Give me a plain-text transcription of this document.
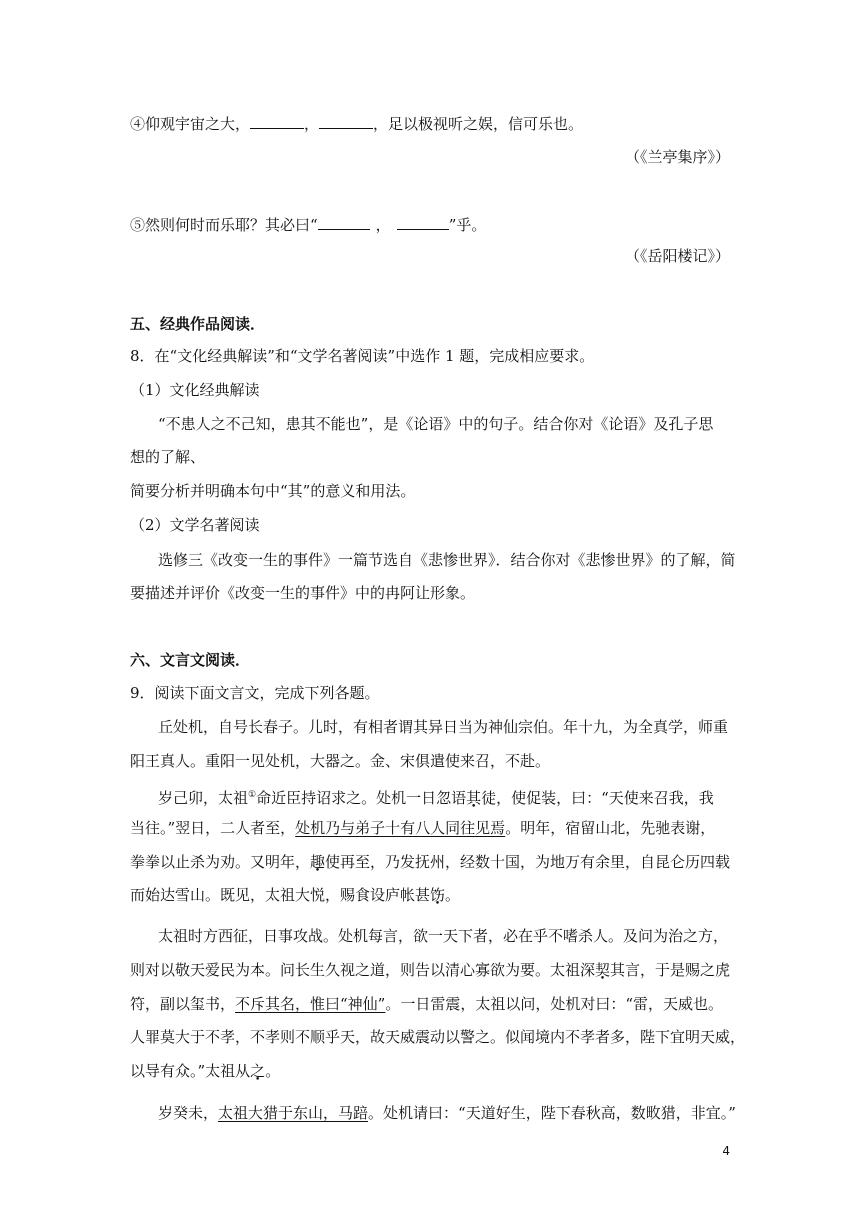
④仰观宇宙之大，	，	，足以极视听之娱，信可乐也。
（《兰亭集序》）
⑤然则何时而乐耶？其必曰“	，	”乎。
（《岳阳楼记》）
五、经典作品阅读．
8．在“文化经典解读”和“文学名著阅读”中选作 1 题，完成相应要求。
（1）文化经典解读
“不患人之不己知，患其不能也”，是《论语》中的句子。结合你对《论语》及孔子思
想的了解、
简要分析并明确本句中“其”的意义和用法。
（2）文学名著阅读
选修三《改变一生的事件》一篇节选自《悲惨世界》．结合你对《悲惨世界》的了解，简
要描述并评价《改变一生的事件》中的冉阿让形象。
六、文言文阅读．
9．阅读下面文言文，完成下列各题。
丘处机，自号长春子。儿时，有相者谓其异日当为神仙宗伯。年十九，为全真学，师重
阳王真人。重阳一见处机，大器之。金、宋俱遣使来召，不赴。
岁己卯，太祖①命近臣持诏求之。处机一日忽语其徒，使促装，曰：“天使来召我，我
当往。”翌日，二人者至，处机乃与弟子十有八人同往见焉。明年，宿留山北，先驰表谢，
拳拳以止杀为劝。又明年，趣使再至，乃发抚州，经数十国，为地万有余里，自昆仑历四载
而始达雪山。既见，太祖大悦，赐食设庐帐甚饬。
太祖时方西征，日事攻战。处机每言，欲一天下者，必在乎不嗜杀人。及问为治之方，
则对以敬天爱民为本。问长生久视之道，则告以清心寡欲为要。太祖深契其言，于是赐之虎
符，副以玺书，不斥其名，惟曰“神仙”。一日雷震，太祖以问，处机对曰：“雷，天威也。
人罪莫大于不孝，不孝则不顺乎天，故天威震动以警之。似闻境内不孝者多，陛下宜明天威，
以导有众。”太祖从之。
岁癸未，太祖大猎于东山，马踣。处机请曰：“天道好生，陛下春秋高，数畋猎，非宜。”
4
